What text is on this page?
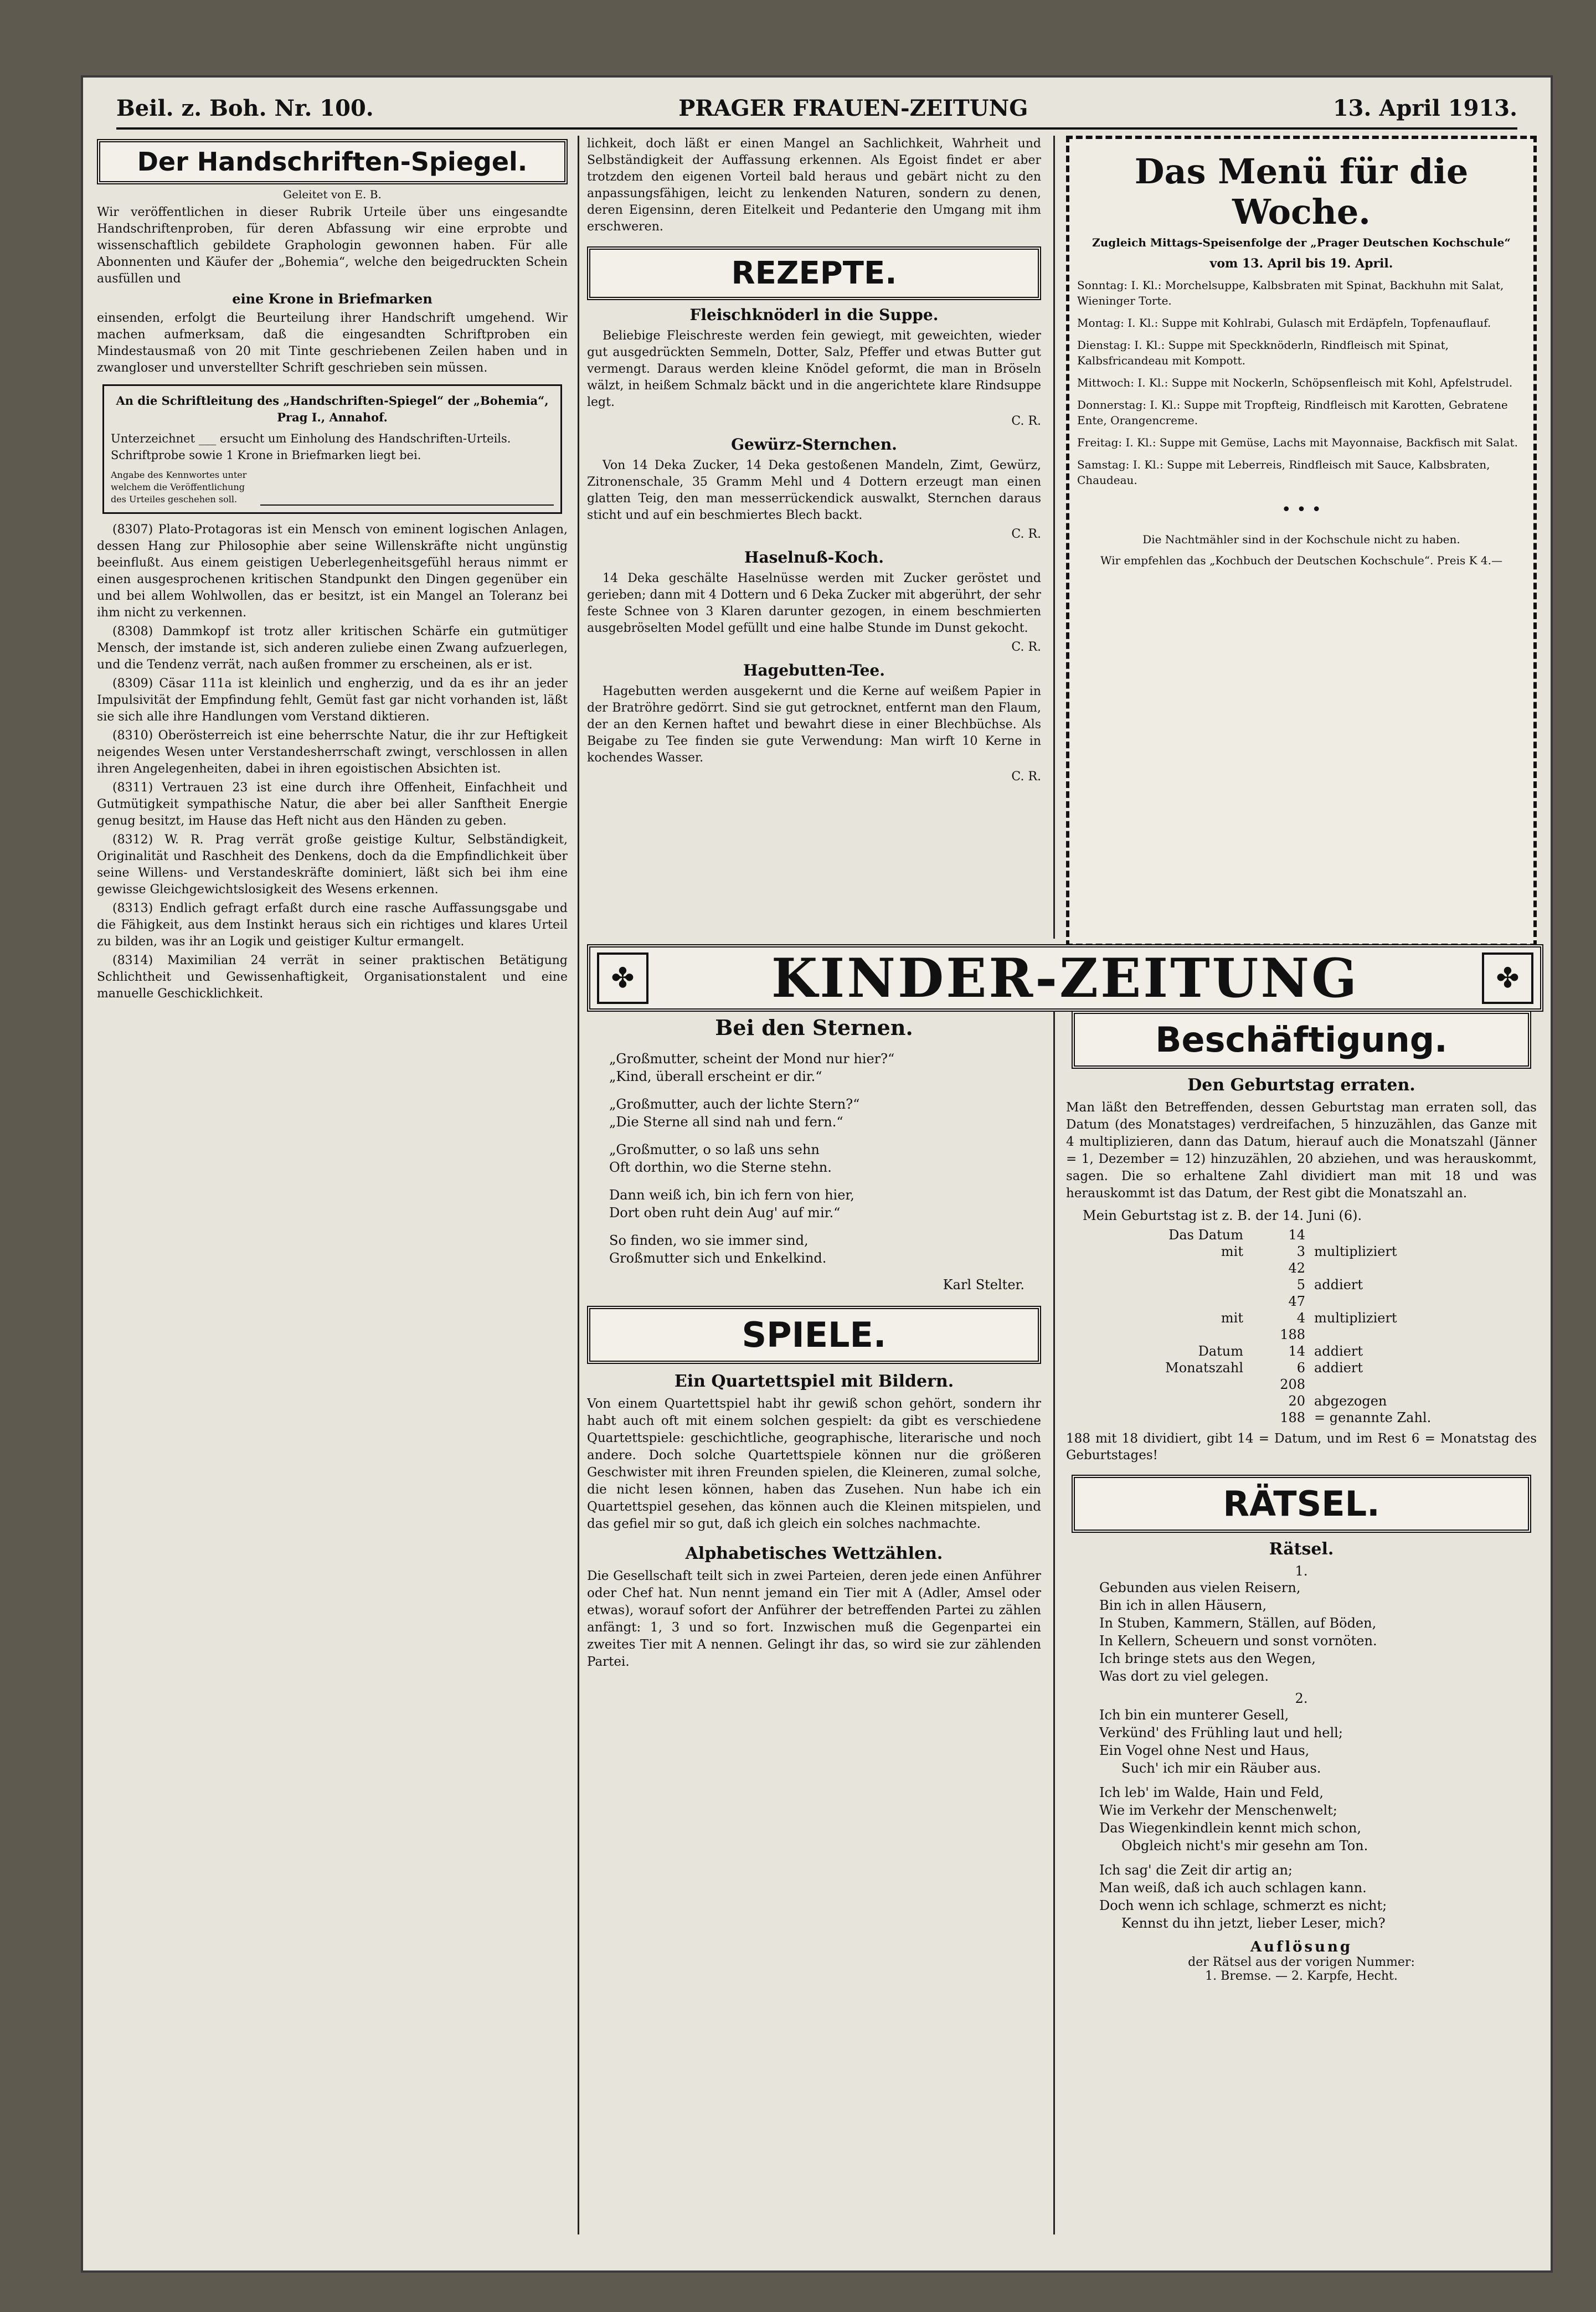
Beil. z. Boh. Nr. 100.	PRAGER FRAUEN-ZEITUNG	13. April 1913.
Der Handschriften-Spiegel.
Geleitet von E. B.
Wir veröffentlichen in dieser Rubrik Urteile über uns eingesandte Handschriftenproben, für deren Abfassung wir eine erprobte und wissenschaftlich gebildete Graphologin gewonnen haben. Für alle Abonnenten und Käufer der „Bohemia“, welche den beigedruckten Schein ausfüllen und
eine Krone in Briefmarken
einsenden, erfolgt die Beurteilung ihrer Handschrift umgehend. Wir machen aufmerksam, daß die eingesandten Schriftproben ein Mindestausmaß von 20 mit Tinte geschriebenen Zeilen haben und in zwangloser und unverstellter Schrift geschrieben sein müssen.
An die Schriftleitung des „Handschriften-Spiegel“ der „Bohemia“, Prag I., Annahof.
Unterzeichnet ___ ersucht um Einholung des Handschriften-Urteils. Schriftprobe sowie 1 Krone in Briefmarken liegt bei.
Angabe des Kennwortes unter welchem die Veröffentlichung des Urteiles geschehen soll.

(8307) Plato-Protagoras ist ein Mensch von eminent logischen Anlagen, dessen Hang zur Philosophie aber seine Willenskräfte nicht ungünstig beeinflußt. Aus einem geistigen Ueberlegenheitsgefühl heraus nimmt er einen ausgesprochenen kritischen Standpunkt den Dingen gegenüber ein und bei allem Wohlwollen, das er besitzt, ist ein Mangel an Toleranz bei ihm nicht zu verkennen.

(8308) Dammkopf ist trotz aller kritischen Schärfe ein gutmütiger Mensch, der imstande ist, sich anderen zuliebe einen Zwang aufzuerlegen, und die Tendenz verrät, nach außen frommer zu erscheinen, als er ist.

(8309) Cäsar 111a ist kleinlich und engherzig, und da es ihr an jeder Impulsivität der Empfindung fehlt, Gemüt fast gar nicht vorhanden ist, läßt sie sich alle ihre Handlungen vom Verstand diktieren.

(8310) Oberösterreich ist eine beherrschte Natur, die ihr zur Heftigkeit neigendes Wesen unter Verstandesherrschaft zwingt, verschlossen in allen ihren Angelegenheiten, dabei in ihren egoistischen Absichten ist.

(8311) Vertrauen 23 ist eine durch ihre Offenheit, Einfachheit und Gutmütigkeit sympathische Natur, die aber bei aller Sanftheit Energie genug besitzt, im Hause das Heft nicht aus den Händen zu geben.

(8312) W. R. Prag verrät große geistige Kultur, Selbständigkeit, Originalität und Raschheit des Denkens, doch da die Empfindlichkeit über seine Willens- und Verstandeskräfte dominiert, läßt sich bei ihm eine gewisse Gleichgewichtslosigkeit des Wesens erkennen.

(8313) Endlich gefragt erfaßt durch eine rasche Auffassungsgabe und die Fähigkeit, aus dem Instinkt heraus sich ein richtiges und klares Urteil zu bilden, was ihr an Logik und geistiger Kultur ermangelt.

(8314) Maximilian 24 verrät in seiner praktischen Betätigung Schlichtheit und Gewissenhaftigkeit, Organisationstalent und eine manuelle Geschicklichkeit.

lichkeit, doch läßt er einen Mangel an Sachlichkeit, Wahrheit und Selbständigkeit der Auffassung erkennen. Als Egoist findet er aber trotzdem den eigenen Vorteil bald heraus und gebärt nicht zu den anpassungsfähigen, leicht zu lenkenden Naturen, sondern zu denen, deren Eigensinn, deren Eitelkeit und Pedanterie den Umgang mit ihm erschweren.
REZEPTE.
Fleischknöderl in die Suppe.

Beliebige Fleischreste werden fein gewiegt, mit geweichten, wieder gut ausgedrückten Semmeln, Dotter, Salz, Pfeffer und etwas Butter gut vermengt. Daraus werden kleine Knödel geformt, die man in Bröseln wälzt, in heißem Schmalz bäckt und in die angerichtete klare Rindsuppe legt.

C. R.
Gewürz-Sternchen.

Von 14 Deka Zucker, 14 Deka gestoßenen Mandeln, Zimt, Gewürz, Zitronenschale, 35 Gramm Mehl und 4 Dottern erzeugt man einen glatten Teig, den man messerrückendick auswalkt, Sternchen daraus sticht und auf ein beschmiertes Blech backt.

C. R.
Haselnuß-Koch.

14 Deka geschälte Haselnüsse werden mit Zucker geröstet und gerieben; dann mit 4 Dottern und 6 Deka Zucker mit abgerührt, der sehr feste Schnee von 3 Klaren darunter gezogen, in einem beschmierten ausgebröselten Model gefüllt und eine halbe Stunde im Dunst gekocht.

C. R.
Hagebutten-Tee.

Hagebutten werden ausgekernt und die Kerne auf weißem Papier in der Bratröhre gedörrt. Sind sie gut getrocknet, entfernt man den Flaum, der an den Kernen haftet und bewahrt diese in einer Blechbüchse. Als Beigabe zu Tee finden sie gute Verwendung: Man wirft 10 Kerne in kochendes Wasser.

C. R.
Das Menü für die Woche.
Zugleich Mittags-Speisenfolge der „Prager Deutschen Kochschule“
vom 13. April bis 19. April.
Sonntag: I. Kl.: Morchelsuppe, Kalbsbraten mit Spinat, Backhuhn mit Salat, Wieninger Torte.
Montag: I. Kl.: Suppe mit Kohlrabi, Gulasch mit Erdäpfeln, Topfenauflauf.
Dienstag: I. Kl.: Suppe mit Speckknöderln, Rindfleisch mit Spinat, Kalbsfricandeau mit Kompott.
Mittwoch: I. Kl.: Suppe mit Nockerln, Schöpsenfleisch mit Kohl, Apfelstrudel.
Donnerstag: I. Kl.: Suppe mit Tropfteig, Rindfleisch mit Karotten, Gebratene Ente, Orangencreme.
Freitag: I. Kl.: Suppe mit Gemüse, Lachs mit Mayonnaise, Backfisch mit Salat.
Samstag: I. Kl.: Suppe mit Leberreis, Rindfleisch mit Sauce, Kalbsbraten, Chaudeau.
• • •
Die Nachtmähler sind in der Kochschule nicht zu haben.
Wir empfehlen das „Kochbuch der Deutschen Kochschule“. Preis K 4.—
✤	KINDER-ZEITUNG	✤
Bei den Sternen.
„Großmutter, scheint der Mond nur hier?“
„Kind, überall erscheint er dir.“
„Großmutter, auch der lichte Stern?“
„Die Sterne all sind nah und fern.“
„Großmutter, o so laß uns sehn
Oft dorthin, wo die Sterne stehn.
Dann weiß ich, bin ich fern von hier,
Dort oben ruht dein Aug' auf mir.“
So finden, wo sie immer sind,
Großmutter sich und Enkelkind.
Karl Stelter.
SPIELE.
Ein Quartettspiel mit Bildern.
Von einem Quartettspiel habt ihr gewiß schon gehört, sondern ihr habt auch oft mit einem solchen gespielt: da gibt es verschiedene Quartettspiele: geschichtliche, geographische, literarische und noch andere. Doch solche Quartettspiele können nur die größeren Geschwister mit ihren Freunden spielen, die Kleineren, zumal solche, die nicht lesen können, haben das Zusehen. Nun habe ich ein Quartettspiel gesehen, das können auch die Kleinen mitspielen, und das gefiel mir so gut, daß ich gleich ein solches nachmachte.
Alphabetisches Wettzählen.
Die Gesellschaft teilt sich in zwei Parteien, deren jede einen Anführer oder Chef hat. Nun nennt jemand ein Tier mit A (Adler, Amsel oder etwas), worauf sofort der Anführer der betreffenden Partei zu zählen anfängt: 1, 3 und so fort. Inzwischen muß die Gegenpartei ein zweites Tier mit A nennen. Gelingt ihr das, so wird sie zur zählenden Partei.
Beschäftigung.
Den Geburtstag erraten.
Man läßt den Betreffenden, dessen Geburtstag man erraten soll, das Datum (des Monatstages) verdreifachen, 5 hinzuzählen, das Ganze mit 4 multiplizieren, dann das Datum, hierauf auch die Monatszahl (Jänner = 1, Dezember = 12) hinzuzählen, 20 abziehen, und was herauskommt, sagen. Die so erhaltene Zahl dividiert man mit 18 und was herauskommt ist das Datum, der Rest gibt die Monatszahl an.
Mein Geburtstag ist z. B. der 14. Juni (6).
Das Datum	14
mit	3 multipliziert
42
5 addiert
47
mit	4 multipliziert
188
Datum	14 addiert
Monatszahl	6 addiert
208
20 abgezogen
188 = genannte Zahl.
188 mit 18 dividiert, gibt 14 = Datum, und im Rest 6 = Monatstag des Geburtstages!
RÄTSEL.
Rätsel.
1.
Gebunden aus vielen Reisern,
Bin ich in allen Häusern,
In Stuben, Kammern, Ställen, auf Böden,
In Kellern, Scheuern und sonst vornöten.
Ich bringe stets aus den Wegen,
Was dort zu viel gelegen.
2.
Ich bin ein munterer Gesell,
Verkünd' des Frühling laut und hell;
Ein Vogel ohne Nest und Haus,
Such' ich mir ein Räuber aus.
Ich leb' im Walde, Hain und Feld,
Wie im Verkehr der Menschenwelt;
Das Wiegenkindlein kennt mich schon,
Obgleich nicht's mir gesehn am Ton.
Ich sag' die Zeit dir artig an;
Man weiß, daß ich auch schlagen kann.
Doch wenn ich schlage, schmerzt es nicht;
Kennst du ihn jetzt, lieber Leser, mich?
Auflösung
der Rätsel aus der vorigen Nummer:
1. Bremse. — 2. Karpfe, Hecht.
